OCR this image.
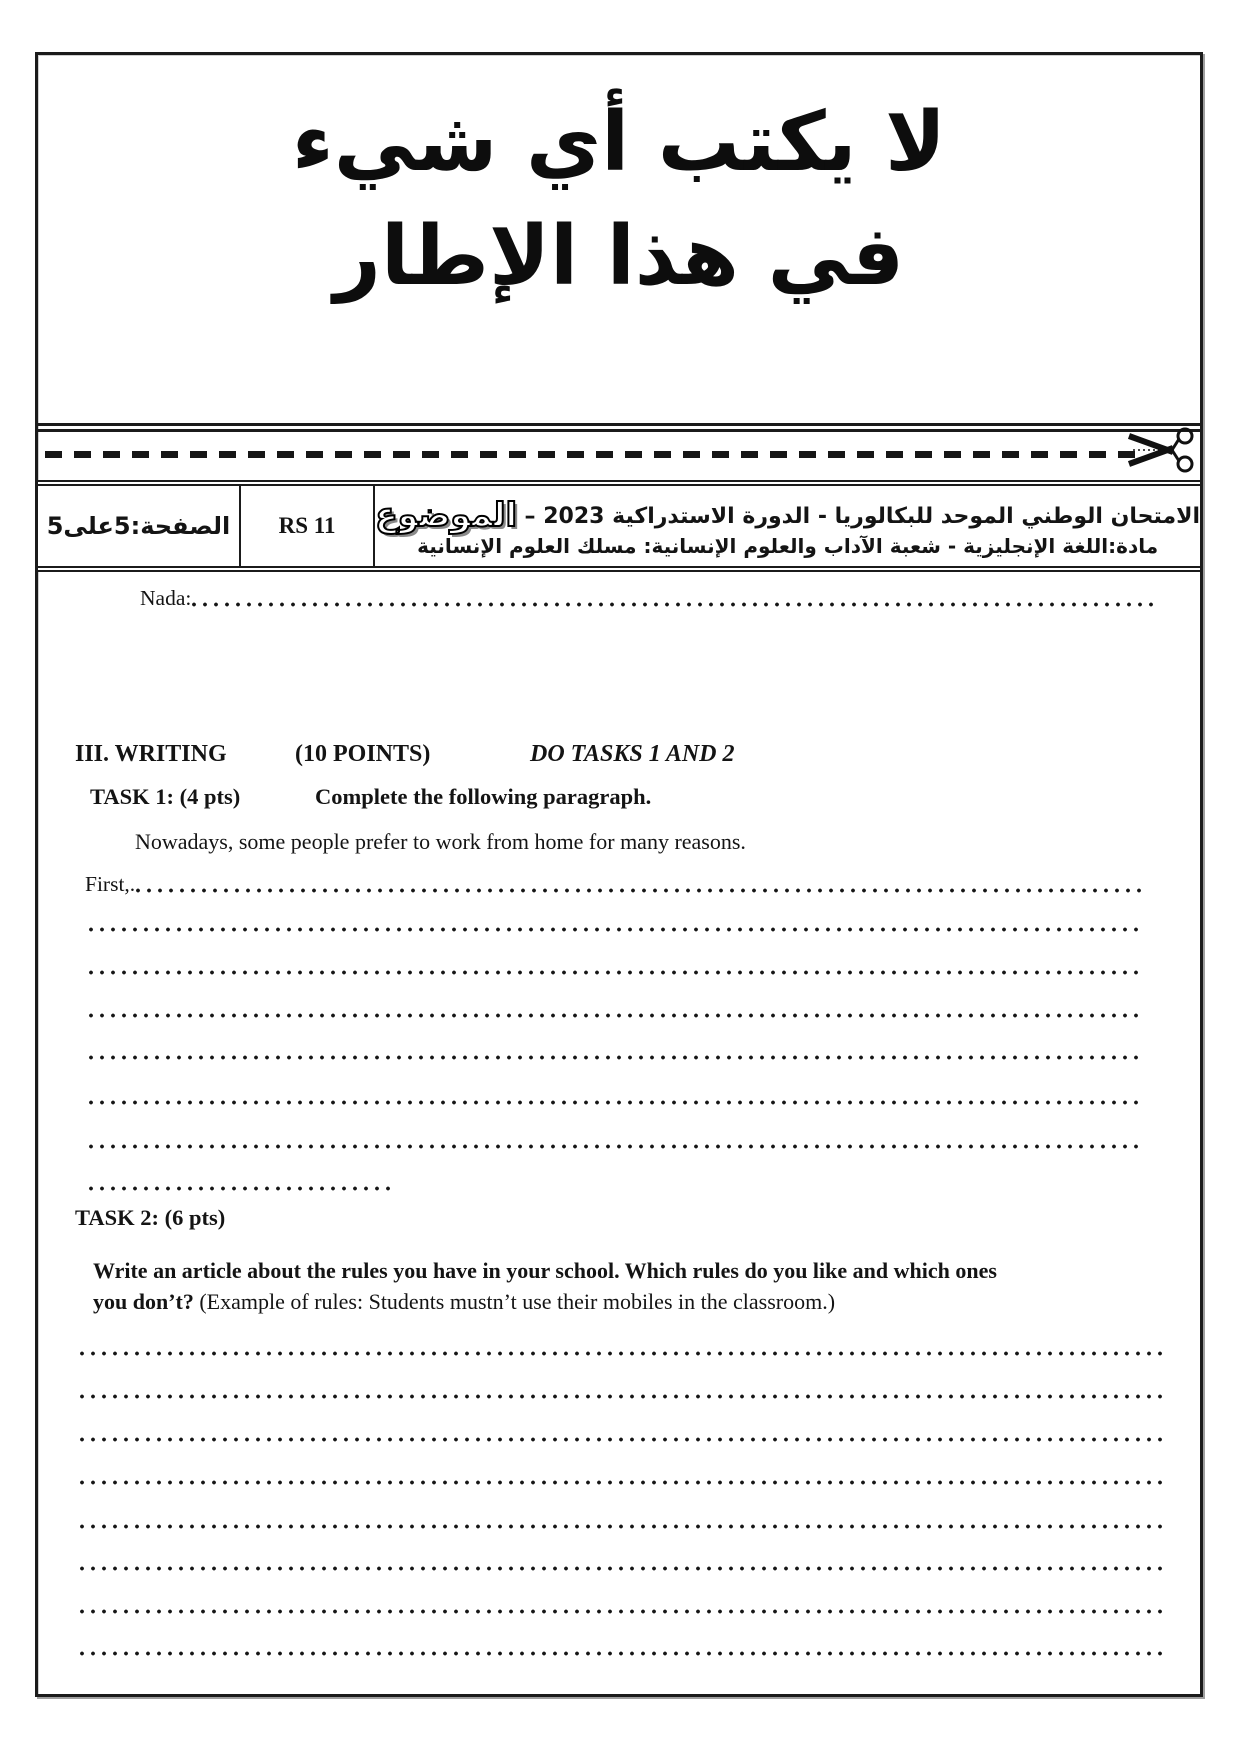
لا يكتب أي شيء
في هذا الإطار
الصفحة:5على5	RS 11	الامتحان الوطني الموحد للبكالوريا - الدورة الاستدراكية 2023 – الموضوع
مادة:اللغة الإنجليزية - شعبة الآداب والعلوم الإنسانية: مسلك العلوم الإنسانية
Nada:
III. WRITING	(10 POINTS)	DO TASKS 1 AND 2
TASK 1: (4 pts)	Complete the following paragraph.
Nowadays, some people prefer to work from home for many reasons.
First,.
TASK 2: (6 pts)
Write an article about the rules you have in your school. Which rules do you like and which ones
you don’t? (Example of rules: Students mustn’t use their mobiles in the classroom.)
